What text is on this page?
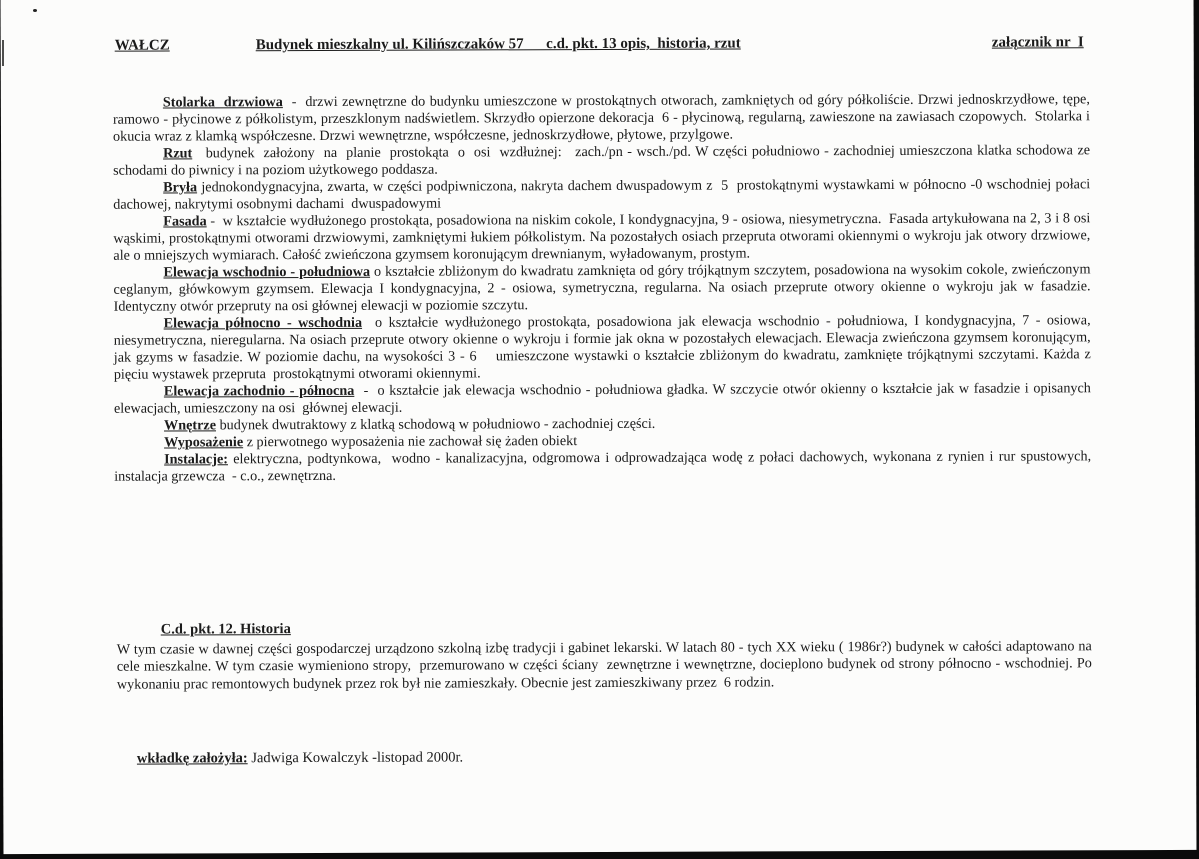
WAŁCZ	Budynek mieszkalny ul. Kilińszczaków 57      c.d. pkt. 13 opis,  historia, rzut	załącznik nr  I

Stolarka  drzwiowa  -  drzwi zewnętrzne do budynku umieszczone w prostokątnych otworach, zamkniętych od góry półkoliście. Drzwi jednoskrzydłowe, tępe, ramowo - płycinowe z półkolistym, przeszklonym nadświetlem. Skrzydło opierzone dekoracja  6 - płycinową, regularną, zawieszone na zawiasach czopowych.  Stolarka i okucia wraz z klamką współczesne. Drzwi wewnętrzne, współczesne, jednoskrzydłowe, płytowe, przylgowe.

Rzut   budynek  założony  na  planie  prostokąta  o  osi  wzdłużnej:   zach./pn - wsch./pd. W części południowo - zachodniej umieszczona klatka schodowa ze schodami do piwnicy i na poziom użytkowego poddasza.

Bryła jednokondygnacyjna, zwarta, w części podpiwniczona, nakryta dachem dwuspadowym z  5  prostokątnymi wystawkami w północno -0 wschodniej połaci dachowej, nakrytymi osobnymi dachami  dwuspadowymi

Fasada -  w kształcie wydłużonego prostokąta, posadowiona na niskim cokole, I kondygnacyjna, 9 - osiowa, niesymetryczna.  Fasada artykułowana na 2, 3 i 8 osi wąskimi, prostokątnymi otworami drzwiowymi, zamkniętymi łukiem półkolistym. Na pozostałych osiach przepruta otworami okiennymi o wykroju jak otwory drzwiowe, ale o mniejszych wymiarach. Całość zwieńczona gzymsem koronującym drewnianym, wyładowanym, prostym.

Elewacja wschodnio - południowa o kształcie zbliżonym do kwadratu zamknięta od góry trójkątnym szczytem, posadowiona na wysokim cokole, zwieńczonym ceglanym, główkowym gzymsem. Elewacja I kondygnacyjna, 2 - osiowa, symetryczna, regularna. Na osiach przeprute otwory okienne o wykroju jak w fasadzie. Identyczny otwór przepruty na osi głównej elewacji w poziomie szczytu.

Elewacja północno - wschodnia  o kształcie wydłużonego prostokąta, posadowiona jak elewacja wschodnio - południowa, I kondygnacyjna, 7 - osiowa, niesymetryczna, nieregularna. Na osiach przeprute otwory okienne o wykroju i formie jak okna w pozostałych elewacjach. Elewacja zwieńczona gzymsem koronującym, jak gzyms w fasadzie. W poziomie dachu, na wysokości 3 - 6    umieszczone wystawki o kształcie zbliżonym do kwadratu, zamknięte trójkątnymi szczytami. Każda z pięciu wystawek przepruta  prostokątnymi otworami okiennymi.

Elewacja zachodnio - północna  -  o kształcie jak elewacja wschodnio - południowa gładka. W szczycie otwór okienny o kształcie jak w fasadzie i opisanych elewacjach, umieszczony na osi  głównej elewacji.

Wnętrze budynek dwutraktowy z klatką schodową w południowo - zachodniej części.

Wyposażenie z pierwotnego wyposażenia nie zachował się żaden obiekt

Instalacje: elektryczna, podtynkowa,  wodno - kanalizacyjna, odgromowa i odprowadzająca wodę z połaci dachowych, wykonana z rynien i rur spustowych, instalacja grzewcza  - c.o., zewnętrzna.

C.d. pkt. 12. Historia

W tym czasie w dawnej części gospodarczej urządzono szkolną izbę tradycji i gabinet lekarski. W latach 80 - tych XX wieku ( 1986r?) budynek w całości adaptowano na cele mieszkalne. W tym czasie wymieniono stropy,  przemurowano w części ściany  zewnętrzne i wewnętrzne, docieplono budynek od strony północno - wschodniej. Po wykonaniu prac remontowych budynek przez rok był nie zamieszkały. Obecnie jest zamieszkiwany przez  6 rodzin.

wkładkę założyła: Jadwiga Kowalczyk -listopad 2000r.
